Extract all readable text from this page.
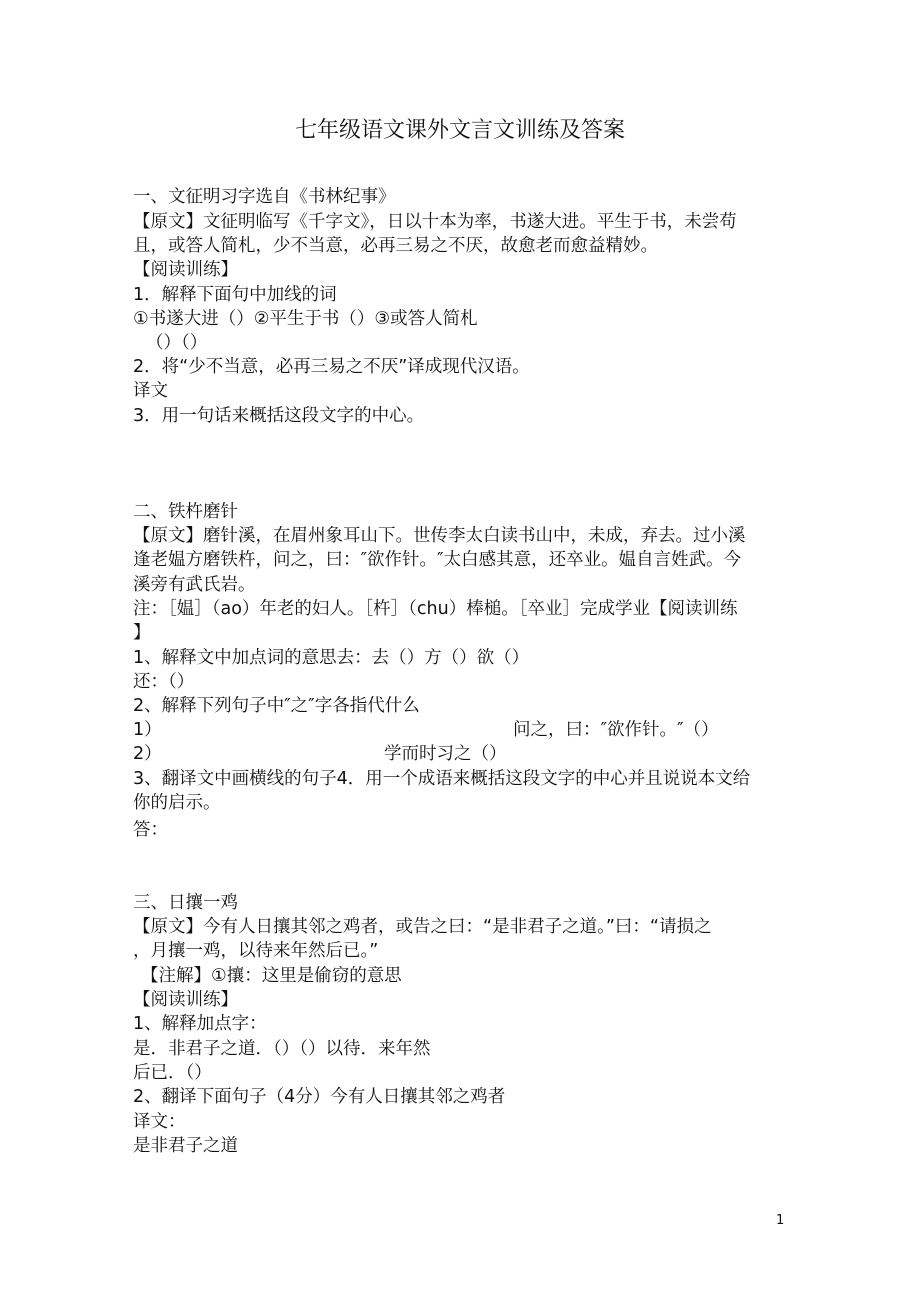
七年级语文课外文言文训练及答案
一、文征明习字选自《书林纪事》
【原文】文征明临写《千字文》，日以十本为率，书遂大进。平生于书，未尝苟
且，或答人简札，少不当意，必再三易之不厌，故愈老而愈益精妙。
【阅读训练】
1．解释下面句中加线的词
①书遂大进（）②平生于书（）③或答人简札
（）（）
2．将“少不当意，必再三易之不厌”译成现代汉语。
译文
3．用一句话来概括这段文字的中心。
二、铁杵磨针
【原文】磨针溪，在眉州象耳山下。世传李太白读书山中，未成，弃去。过小溪
逢老媪方磨铁杵，问之，曰：″欲作针。″太白感其意，还卒业。媪自言姓武。今
溪旁有武氏岩。
注：［媪］（ao）年老的妇人。［杵］（chu）棒槌。［卒业］完成学业【阅读训练
】
1、解释文中加点词的意思去：去（）方（）欲（）
还：（）
2、解释下列句子中″之″字各指代什么
1）	问之，曰：″欲作针。″（）
2）	学而时习之（）
3、翻译文中画横线的句子4．用一个成语来概括这段文字的中心并且说说本文给
你的启示。
答：
三、日攘一鸡
【原文】今有人日攘其邻之鸡者，或告之曰：“是非君子之道。”曰：“请损之
，月攘一鸡，以待来年然后已。”
【注解】①攘：这里是偷窃的意思
【阅读训练】
1、解释加点字：
是．非君子之道．（）（）以待．来年然
后已．（）
2、翻译下面句子（4分）今有人日攘其邻之鸡者
译文：
是非君子之道
1
